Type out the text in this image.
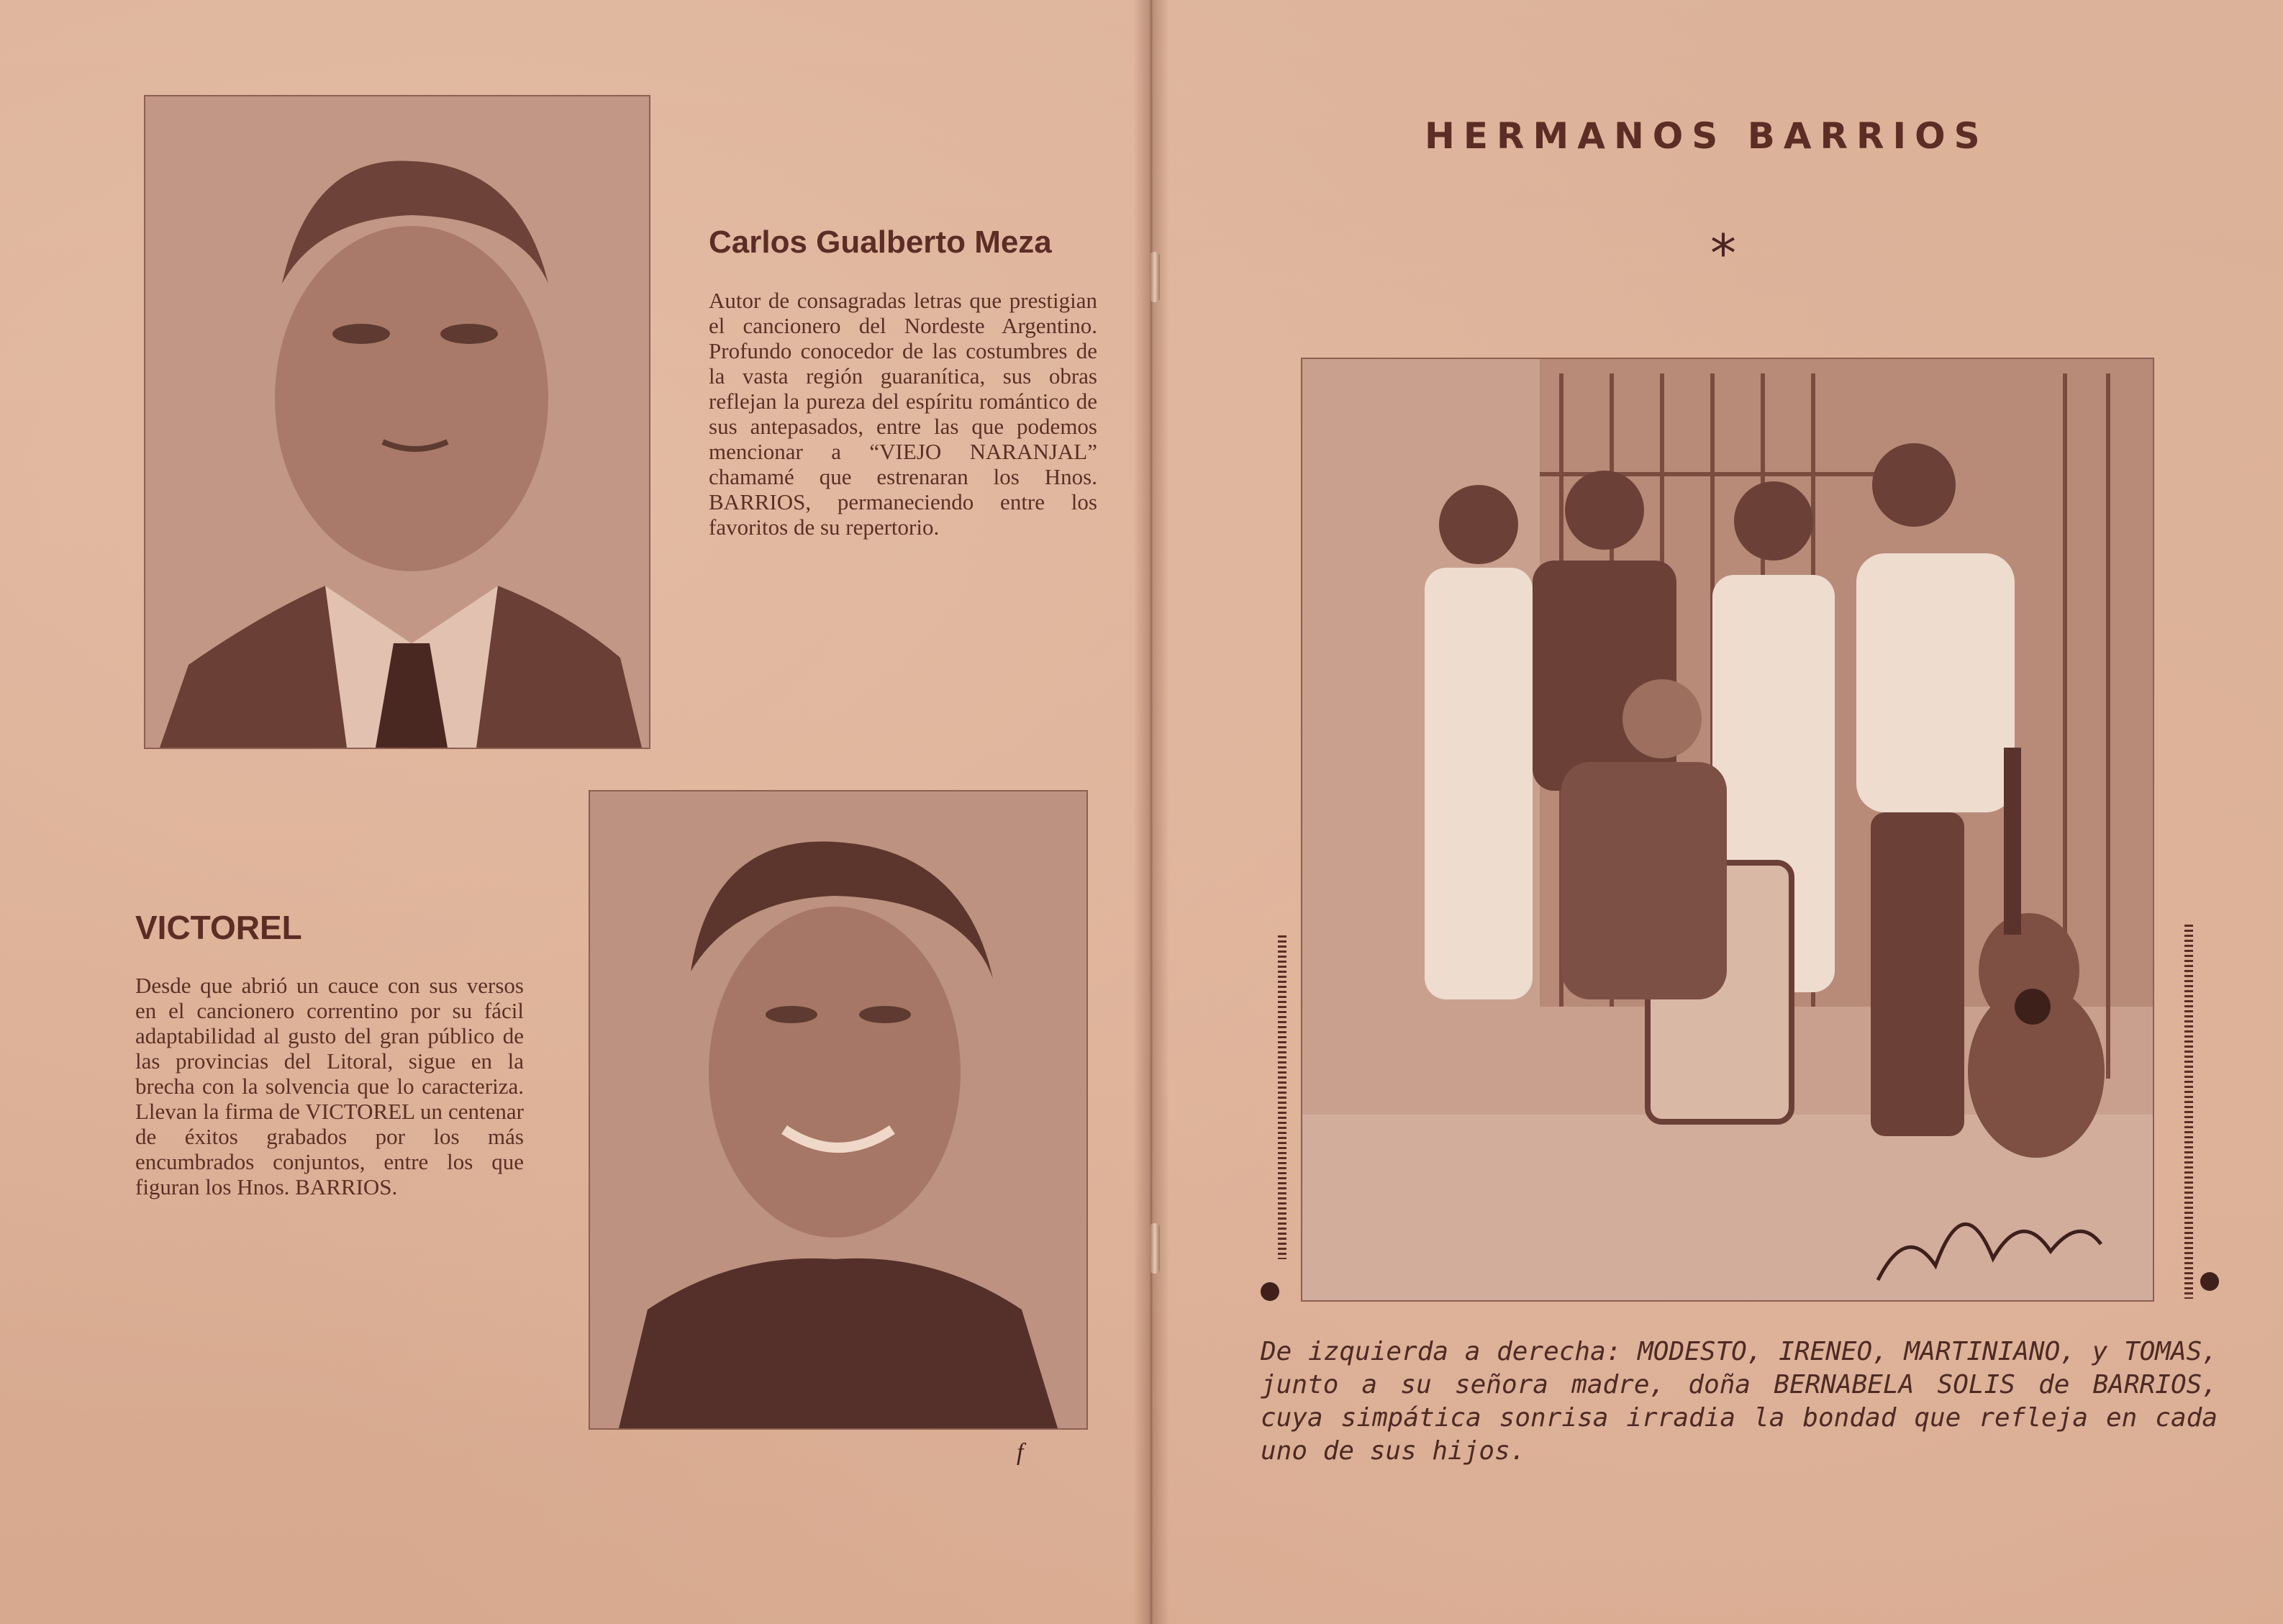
Carlos Gualberto Meza

Autor de consagradas letras que prestigian el cancionero del Nordeste Argentino. Profundo conocedor de las costumbres de la vasta región guaranítica, sus obras reflejan la pureza del espíritu romántico de sus antepasados, entre las que podemos mencionar a “VIEJO NARANJAL” chamamé que estrenaran los Hnos. BARRIOS, permaneciendo entre los favoritos de su repertorio.

VICTOREL

Desde que abrió un cauce con sus versos en el cancionero correntino por su fácil adaptabilidad al gusto del gran público de las provincias del Litoral, sigue en la brecha con la solvencia que lo caracteriza. Llevan la firma de VICTOREL un centenar de éxitos grabados por los más encumbrados conjuntos, entre los que figuran los Hnos. BARRIOS.

f
HERMANOS BARRIOS
*

De izquierda a derecha: MODESTO, IRENEO, MARTINIANO, y TOMAS, junto a su señora madre, doña BERNABELA SOLIS de BARRIOS, cuya simpática sonrisa irradia la bondad que refleja en cada uno de sus hijos.
